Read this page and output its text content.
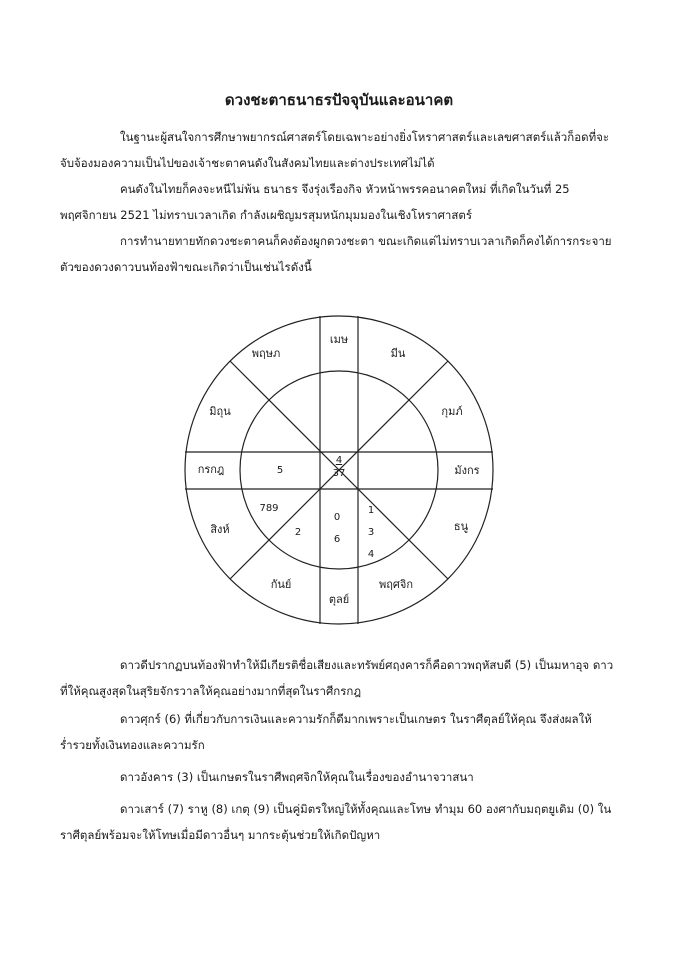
ดวงชะตาธนาธรปัจจุบันและอนาคต

ในฐานะผู้สนใจการศึกษาพยากรณ์ศาสตร์โดยเฉพาะอย่างยิ่งโหราศาสตร์และเลขศาสตร์แล้วก็อดที่จะจับจ้องมองความเป็นไปของเจ้าชะตาคนดังในสังคมไทยและต่างประเทศไม่ได้

คนดังในไทยก็คงจะหนีไม่พ้น ธนาธร จึงรุ่งเรืองกิจ หัวหน้าพรรคอนาคตใหม่ ที่เกิดในวันที่ 25 พฤศจิกายน 2521 ไม่ทราบเวลาเกิด กำลังเผชิญมรสุมหนักมุมมองในเชิงโหราศาสตร์

การทำนายทายทักดวงชะตาคนก็คงต้องผูกดวงชะตา ขณะเกิดแต่ไม่ทราบเวลาเกิดก็คงได้การกระจายตัวของดวงดาวบนท้องฟ้าขณะเกิดว่าเป็นเช่นไรดังนี้

เมษ
มีน
กุมภ์
มังกร
ธนู
พฤศจิก
ตุลย์
กันย์
สิงห์
กรกฎ
มิถุน
พฤษภ
4
37
5
789
2
0
6
1
3
4

ดาวดีปรากฏบนท้องฟ้าทำให้มีเกียรติชื่อเสียงและทรัพย์ศฤงคารก็คือดาวพฤหัสบดี (5) เป็นมหาอุจ ดาวที่ให้คุณสูงสุดในสุริยจักรวาลให้คุณอย่างมากที่สุดในราศีกรกฎ

ดาวศุกร์ (6) ที่เกี่ยวกับการเงินและความรักก็ดีมากเพราะเป็นเกษตร ในราศีตุลย์ให้คุณ จึงส่งผลให้ร่ำรวยทั้งเงินทองและความรัก

ดาวอังคาร (3) เป็นเกษตรในราศีพฤศจิกให้คุณในเรื่องของอำนาจวาสนา

ดาวเสาร์ (7) ราหู (8) เกตุ (9) เป็นคู่มิตรใหญ่ให้ทั้งคุณและโทษ ทำมุม 60 องศากับมฤตยูเดิม (0) ในราศีตุลย์พร้อมจะให้โทษเมื่อมีดาวอื่นๆ มากระตุ้นช่วยให้เกิดปัญหา
